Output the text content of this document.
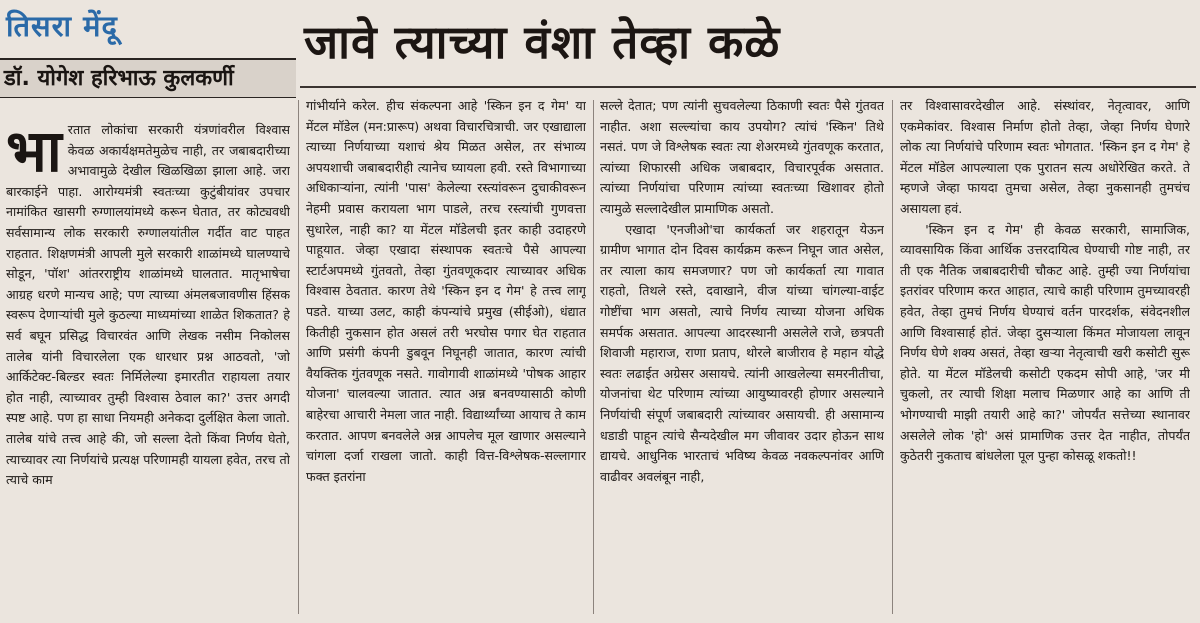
तिसरा मेंदू
डॉ. योगेश हरिभाऊ कुलकर्णी
जावे त्याच्या वंशा तेव्हा कळे
भा रतात लोकांचा सरकारी यंत्रणांवरील विश्वास केवळ अकार्यक्षमतेमुळेच नाही, तर जबाबदारीच्या अभावामुळे देखील खिळखिळा झाला आहे. जरा बारकाईने पाहा. आरोग्यमंत्री स्वतःच्या कुटुंबीयांवर उपचार नामांकित खासगी रुग्णालयांमध्ये करून घेतात, तर कोट्यवधी सर्वसामान्य लोक सरकारी रुग्णालयांतील गर्दीत वाट पाहत राहतात. शिक्षणमंत्री आपली मुले सरकारी शाळांमध्ये घालण्याचे सोडून, 'पॉश' आंतरराष्ट्रीय शाळांमध्ये घालतात. मातृभाषेचा आग्रह धरणे मान्यच आहे; पण त्याच्या अंमलबजावणीस हिंसक स्वरूप देणाऱ्यांची मुले कुठल्या माध्यमांच्या शाळेत शिकतात? हे सर्व बघून प्रसिद्ध विचारवंत आणि लेखक नसीम निकोलस तालेब यांनी विचारलेला एक धारधार प्रश्न आठवतो, 'जो आर्किटेक्ट-बिल्डर स्वतः निर्मिलेल्या इमारतीत राहायला तयार होत नाही, त्याच्यावर तुम्ही विश्वास ठेवाल का?' उत्तर अगदी स्पष्ट आहे. पण हा साधा नियमही अनेकदा दुर्लक्षित केला जातो. तालेब यांचे तत्त्व आहे की, जो सल्ला देतो किंवा निर्णय घेतो, त्याच्यावर त्या निर्णयांचे प्रत्यक्ष परिणामही यायला हवेत, तरच तो त्याचे काम

गांभीर्याने करेल. हीच संकल्पना आहे 'स्किन इन द गेम' या मेंटल मॉडेल (मन:प्रारूप) अथवा विचारचित्राची. जर एखाद्याला त्याच्या निर्णयाच्या यशाचं श्रेय मिळत असेल, तर संभाव्य अपयशाची जबाबदारीही त्यानेच घ्यायला हवी. रस्ते विभागाच्या अधिकाऱ्यांना, त्यांनी 'पास' केलेल्या रस्त्यांवरून दुचाकीवरून नेहमी प्रवास करायला भाग पाडले, तरच रस्त्यांची गुणवत्ता सुधारेल, नाही का? या मेंटल मॉडेलची इतर काही उदाहरणे पाहूयात. जेव्हा एखादा संस्थापक स्वतःचे पैसे आपल्या स्टार्टअपमध्ये गुंतवतो, तेव्हा गुंतवणूकदार त्याच्यावर अधिक विश्वास ठेवतात. कारण तेथे 'स्किन इन द गेम' हे तत्त्व लागू पडते. याच्या उलट, काही कंपन्यांचे प्रमुख (सीईओ), धंद्यात कितीही नुकसान होत असलं तरी भरघोस पगार घेत राहतात आणि प्रसंगी कंपनी डुबवून निघूनही जातात, कारण त्यांची वैयक्तिक गुंतवणूक नसते. गावोगावी शाळांमध्ये 'पोषक आहार योजना' चालवल्या जातात. त्यात अन्न बनवण्यासाठी कोणी बाहेरचा आचारी नेमला जात नाही. विद्यार्थ्यांच्या आयाच ते काम करतात. आपण बनवलेले अन्न आपलेच मूल खाणार असल्याने चांगला दर्जा राखला जातो. काही वित्त-विश्लेषक-सल्लागार फक्त इतरांना

सल्ले देतात; पण त्यांनी सुचवलेल्या ठिकाणी स्वतः पैसे गुंतवत नाहीत. अशा सल्ल्यांचा काय उपयोग? त्यांचं 'स्किन' तिथे नसतं. पण जे विश्लेषक स्वतः त्या शेअरमध्ये गुंतवणूक करतात, त्यांच्या शिफारसी अधिक जबाबदार, विचारपूर्वक असतात. त्यांच्या निर्णयांचा परिणाम त्यांच्या स्वतःच्या खिशावर होतो त्यामुळे सल्लादेखील प्रामाणिक असतो.

एखादा 'एनजीओ'चा कार्यकर्ता जर शहरातून येऊन ग्रामीण भागात दोन दिवस कार्यक्रम करून निघून जात असेल, तर त्याला काय समजणार? पण जो कार्यकर्ता त्या गावात राहतो, तिथले रस्ते, दवाखाने, वीज यांच्या चांगल्या-वाईट गोष्टींचा भाग असतो, त्याचे निर्णय त्याच्या योजना अधिक समर्पक असतात. आपल्या आदरस्थानी असलेले राजे, छत्रपती शिवाजी महाराज, राणा प्रताप, थोरले बाजीराव हे महान योद्धे स्वतः लढाईत अग्रेसर असायचे. त्यांनी आखलेल्या समरनीतीचा, योजनांचा थेट परिणाम त्यांच्या आयुष्यावरही होणार असल्याने निर्णयांची संपूर्ण जबाबदारी त्यांच्यावर असायची. ही असामान्य धडाडी पाहून त्यांचे सैन्यदेखील मग जीवावर उदार होऊन साथ द्यायचे. आधुनिक भारताचं भविष्य केवळ नवकल्पनांवर आणि वाढीवर अवलंबून नाही,

तर विश्वासावरदेखील आहे. संस्थांवर, नेतृत्वावर, आणि एकमेकांवर. विश्वास निर्माण होतो तेव्हा, जेव्हा निर्णय घेणारे लोक त्या निर्णयांचे परिणाम स्वतः भोगतात. 'स्किन इन द गेम' हे मेंटल मॉडेल आपल्याला एक पुरातन सत्य अधोरेखित करते. ते म्हणजे जेव्हा फायदा तुमचा असेल, तेव्हा नुकसानही तुमचंच असायला हवं.

'स्किन इन द गेम' ही केवळ सरकारी, सामाजिक, व्यावसायिक किंवा आर्थिक उत्तरदायित्व घेण्याची गोष्ट नाही, तर ती एक नैतिक जबाबदारीची चौकट आहे. तुम्ही ज्या निर्णयांचा इतरांवर परिणाम करत आहात, त्याचे काही परिणाम तुमच्यावरही हवेत, तेव्हा तुमचं निर्णय घेण्याचं वर्तन पारदर्शक, संवेदनशील आणि विश्वासार्ह होतं. जेव्हा दुसऱ्याला किंमत मोजायला लावून निर्णय घेणे शक्य असतं, तेव्हा खऱ्या नेतृत्वाची खरी कसोटी सुरू होते. या मेंटल मॉडेलची कसोटी एकदम सोपी आहे, 'जर मी चुकलो, तर त्याची शिक्षा मलाच मिळणार आहे का आणि ती भोगण्याची माझी तयारी आहे का?' जोपर्यंत सत्तेच्या स्थानावर असलेले लोक 'हो' असं प्रामाणिक उत्तर देत नाहीत, तोपर्यंत कुठेतरी नुकताच बांधलेला पूल पुन्हा कोसळू शकतो!!
